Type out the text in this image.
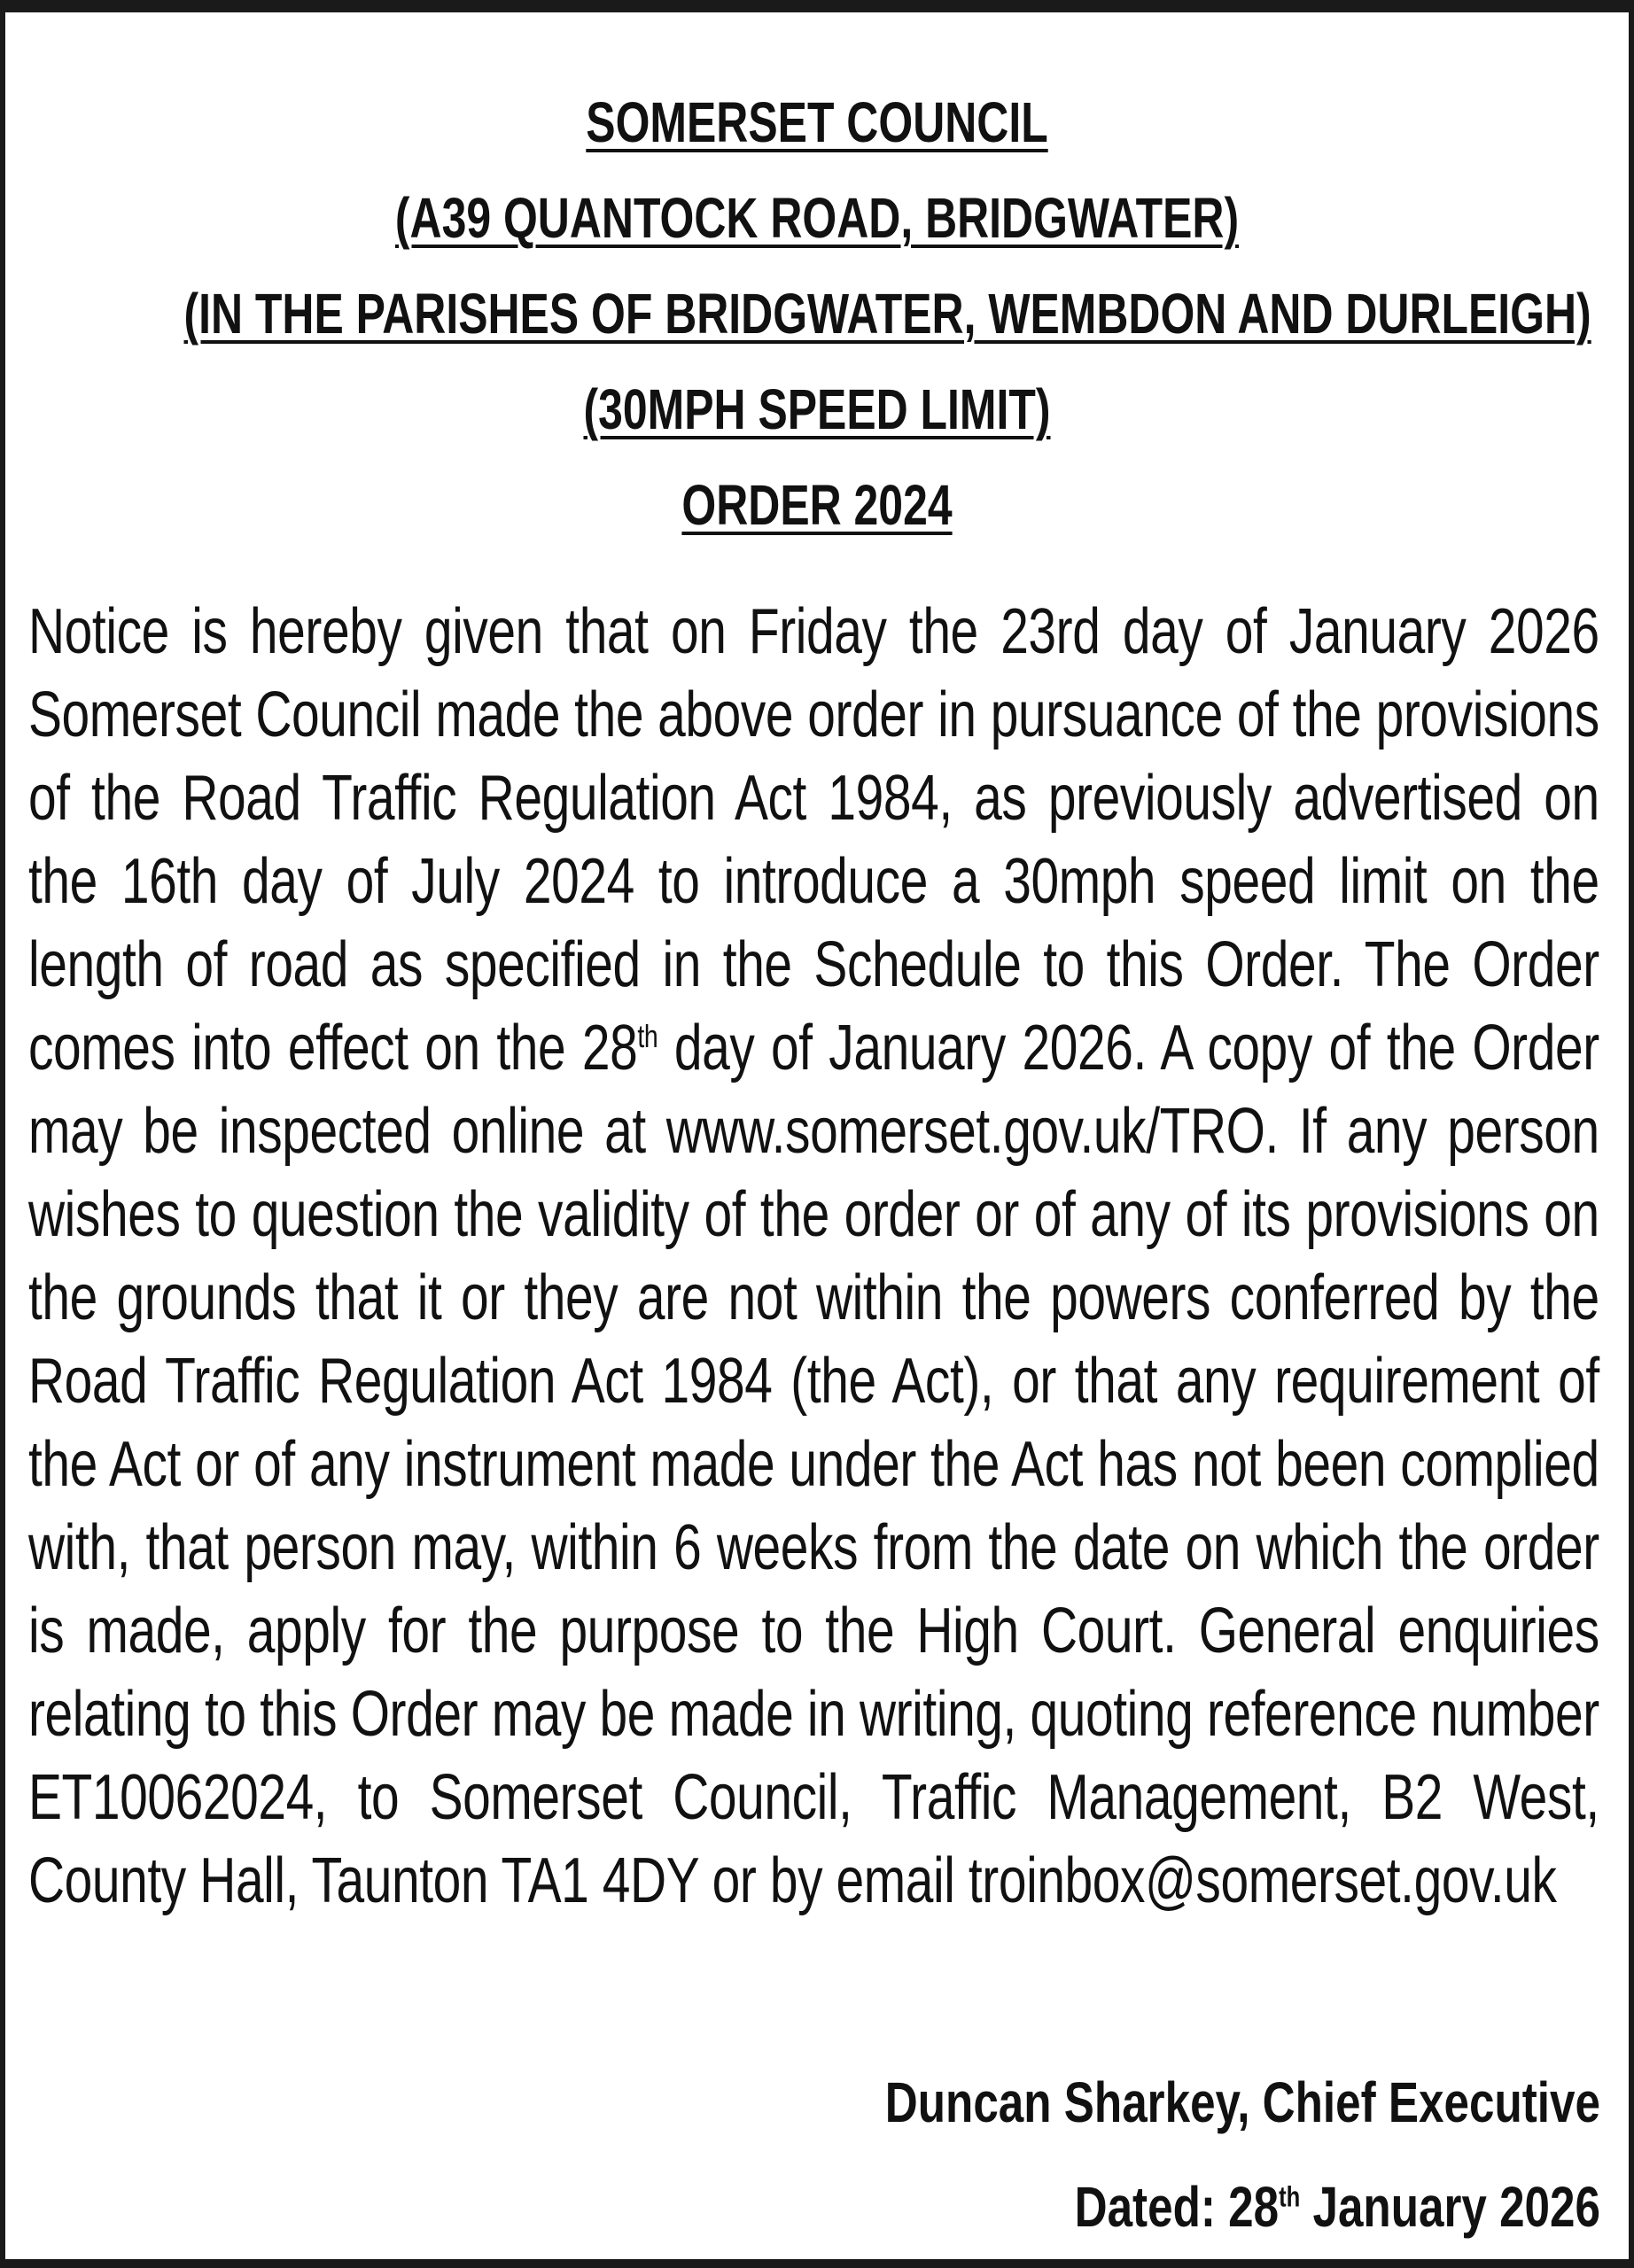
SOMERSET COUNCIL
(A39 QUANTOCK ROAD, BRIDGWATER)
(IN THE PARISHES OF BRIDGWATER, WEMBDON AND DURLEIGH)
(30MPH SPEED LIMIT)
ORDER 2024
Notice is hereby given that on Friday the 23rd day of January 2026 Somerset Council made the above order in pursuance of the provisions of the Road Traffic Regulation Act 1984, as previously advertised on the 16th day of July 2024 to introduce a 30mph speed limit on the length of road as specified in the Schedule to this Order. The Order comes into effect on the 28th day of January 2026. A copy of the Order may be inspected online at www.somerset.gov.uk/TRO. If any person wishes to question the validity of the order or of any of its provisions on the grounds that it or they are not within the powers conferred by the Road Traffic Regulation Act 1984 (the Act), or that any requirement of the Act or of any instrument made under the Act has not been complied with, that person may, within 6 weeks from the date on which the order is made, apply for the purpose to the High Court. General enquiries relating to this Order may be made in writing, quoting reference number ET10062024, to Somerset Council, Traffic Management, B2 West, County Hall, Taunton TA1 4DY or by email troinbox@somerset.gov.uk
Duncan Sharkey, Chief Executive
Dated: 28th January 2026
